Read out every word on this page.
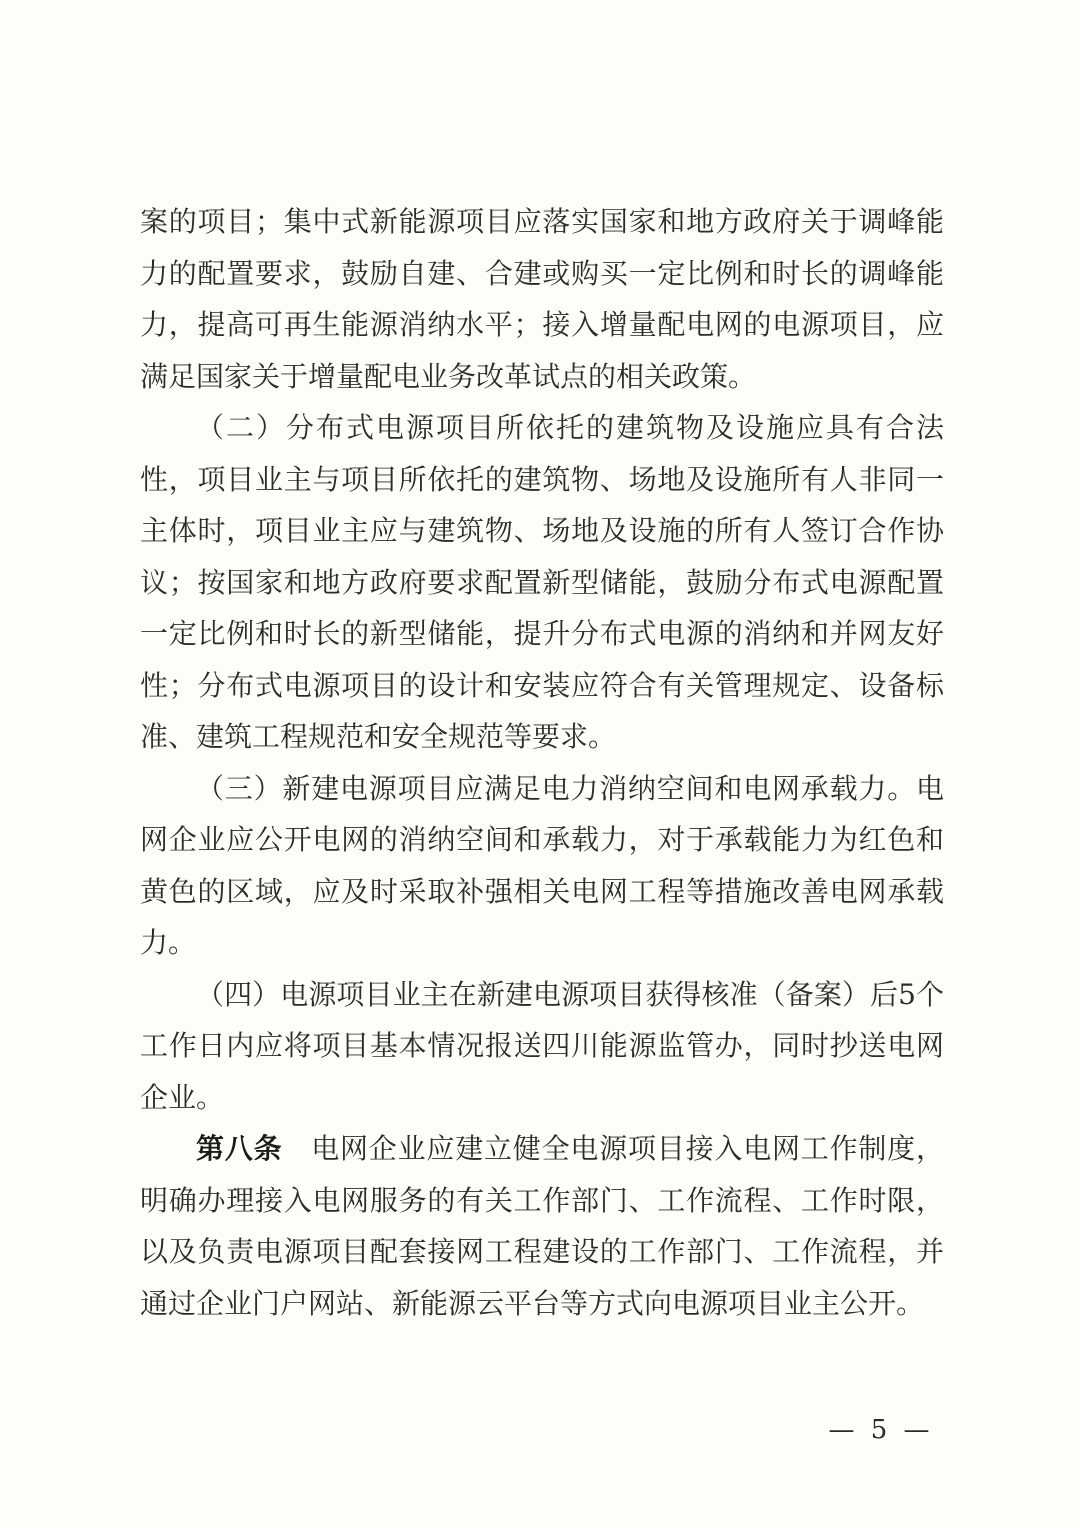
案的项目；集中式新能源项目应落实国家和地方政府关于调峰能力的配置要求，鼓励自建、合建或购买一定比例和时长的调峰能力，提高可再生能源消纳水平；接入增量配电网的电源项目，应满足国家关于增量配电业务改革试点的相关政策。

（二）分布式电源项目所依托的建筑物及设施应具有合法性，项目业主与项目所依托的建筑物、场地及设施所有人非同一主体时，项目业主应与建筑物、场地及设施的所有人签订合作协议；按国家和地方政府要求配置新型储能，鼓励分布式电源配置一定比例和时长的新型储能，提升分布式电源的消纳和并网友好性；分布式电源项目的设计和安装应符合有关管理规定、设备标准、建筑工程规范和安全规范等要求。

（三）新建电源项目应满足电力消纳空间和电网承载力。电网企业应公开电网的消纳空间和承载力，对于承载能力为红色和黄色的区域，应及时采取补强相关电网工程等措施改善电网承载力。

（四）电源项目业主在新建电源项目获得核准（备案）后5个工作日内应将项目基本情况报送四川能源监管办，同时抄送电网企业。

第八条  电网企业应建立健全电源项目接入电网工作制度，明确办理接入电网服务的有关工作部门、工作流程、工作时限，以及负责电源项目配套接网工程建设的工作部门、工作流程，并通过企业门户网站、新能源云平台等方式向电源项目业主公开。

— 5 —
